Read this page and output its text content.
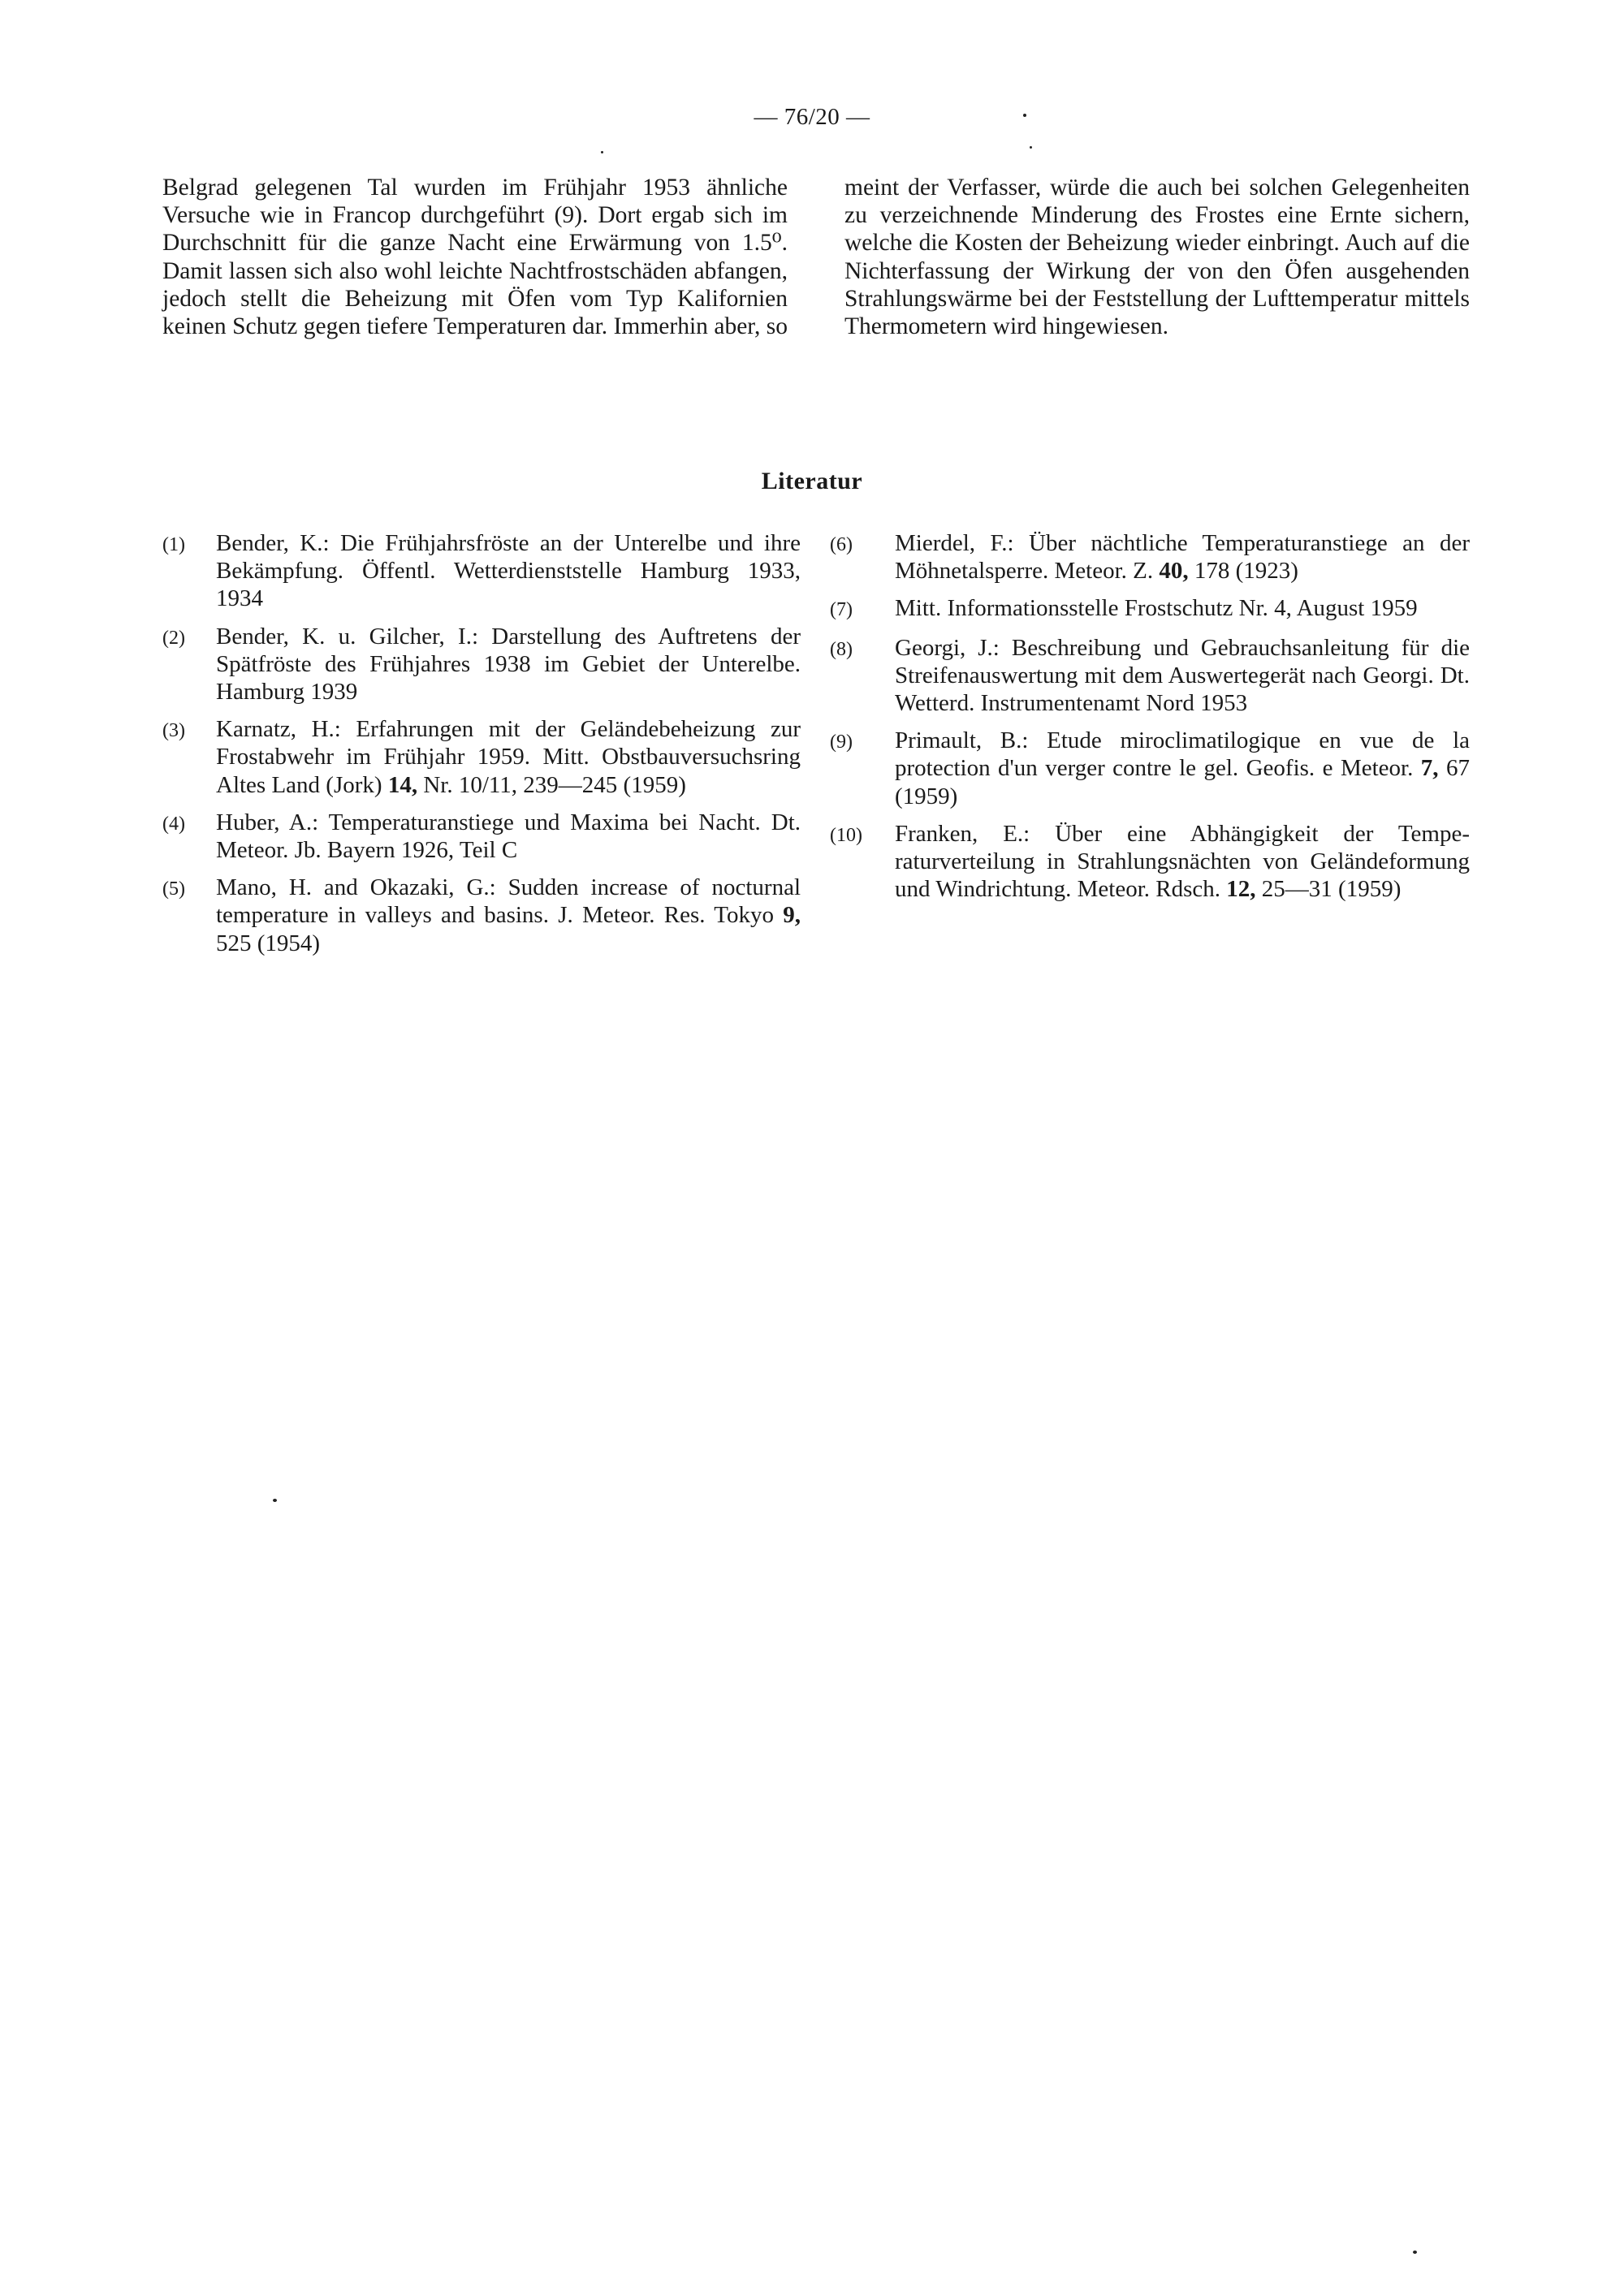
— 76/20 —

Belgrad gelegenen Tal wurden im Frühjahr 1953 ähnliche Versuche wie in Francop durchgeführt (9). Dort ergab sich im Durchschnitt für die ganze Nacht eine Erwärmung von 1.5⁰. Damit lassen sich also wohl leichte Nachtfrostschäden abfangen, jedoch stellt die Beheizung mit Öfen vom Typ Kalifornien keinen Schutz gegen tiefere Temperaturen dar. Immerhin aber, so meint der Verfasser, würde die auch bei solchen Gelegenheiten zu verzeichnende Minderung des Frostes eine Ernte sichern, welche die Kosten der Beheizung wieder einbringt. Auch auf die Nichterfassung der Wirkung der von den Öfen ausgehenden Strahlungswärme bei der Feststellung der Lufttemperatur mittels Thermometern wird hingewiesen.

Literatur
(1)	Bender, K.: Die Frühjahrsfröste an der Unterelbe und ihre Bekämpfung. Öffentl. Wetterdienststelle Hamburg 1933, 1934
(2)	Bender, K. u. Gilcher, I.: Darstellung des Auftretens der Spätfröste des Frühjahres 1938 im Gebiet der Unterelbe. Hamburg 1939
(3)	Karnatz, H.: Erfahrungen mit der Geländebeheizung zur Frostabwehr im Frühjahr 1959. Mitt. Obstbauversuchsring Altes Land (Jork) 14, Nr. 10/11, 239—245 (1959)
(4)	Huber, A.: Temperaturanstiege und Maxima bei Nacht. Dt. Meteor. Jb. Bayern 1926, Teil C
(5)	Mano, H. and Okazaki, G.: Sudden increase of nocturnal temperature in valleys and basins. J. Meteor. Res. Tokyo 9, 525 (1954)
(6)	Mierdel, F.: Über nächtliche Temperaturanstiege an der Möhnetalsperre. Meteor. Z. 40, 178 (1923)
(7)	Mitt. Informationsstelle Frostschutz Nr. 4, August 1959
(8)	Georgi, J.: Beschreibung und Gebrauchsanleitung für die Streifenauswertung mit dem Auswertegerät nach Georgi. Dt. Wetterd. Instrumentenamt Nord 1953
(9)	Primault, B.: Etude miroclimatilogique en vue de la protection d'un verger contre le gel. Geofis. e Meteor. 7, 67 (1959)
(10)	Franken, E.: Über eine Abhängigkeit der Temperaturverteilung in Strahlungsnächten von Geländeformung und Windrichtung. Meteor. Rdsch. 12, 25—31 (1959)
